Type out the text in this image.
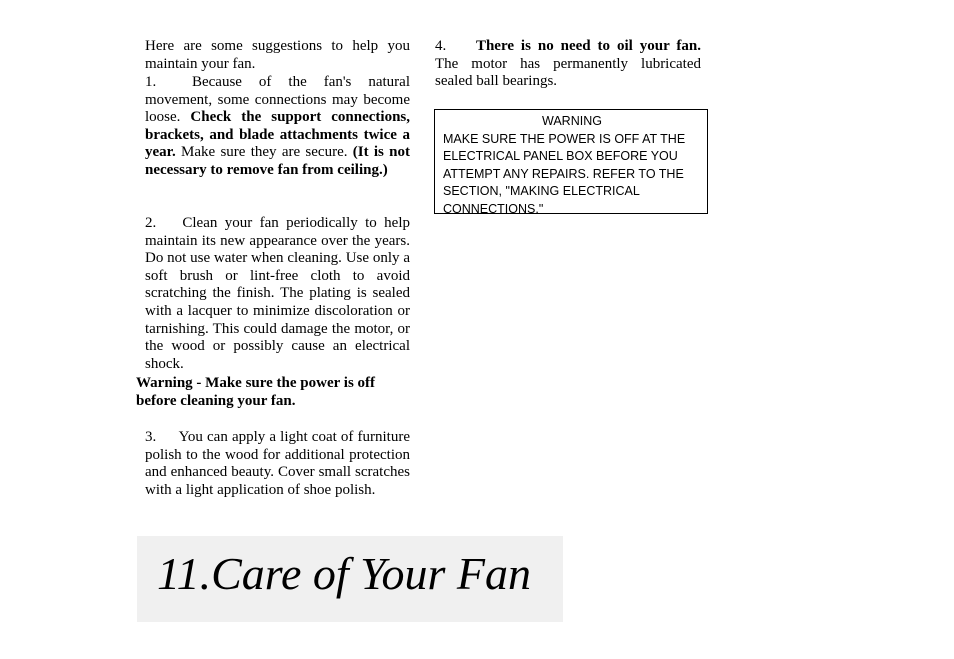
Here are some suggestions to help you maintain your fan.

1. Because of the fan's natural movement, some connections may become loose. Check the support connections, brackets, and blade attachments twice a year. Make sure they are secure. (It is not necessary to remove fan from ceiling.)

2. Clean your fan periodically to help maintain its new appearance over the years. Do not use water when cleaning. Use only a soft brush or lint-free cloth to avoid scratching the finish. The plating is sealed with a lacquer to minimize discoloration or tarnishing. This could damage the motor, or the wood or possibly cause an electrical shock.

Warning - Make sure the power is off before cleaning your fan.

3. You can apply a light coat of furniture polish to the wood for additional protection and enhanced beauty. Cover small scratches with a light application of shoe polish.

4. There is no need to oil your fan. The motor has permanently lubricated sealed ball bearings.

WARNING
MAKE SURE THE POWER IS OFF AT THE ELECTRICAL PANEL BOX BEFORE YOU ATTEMPT ANY REPAIRS. REFER TO THE SECTION, "MAKING ELECTRICAL CONNECTIONS."
11.Care of Your Fan
